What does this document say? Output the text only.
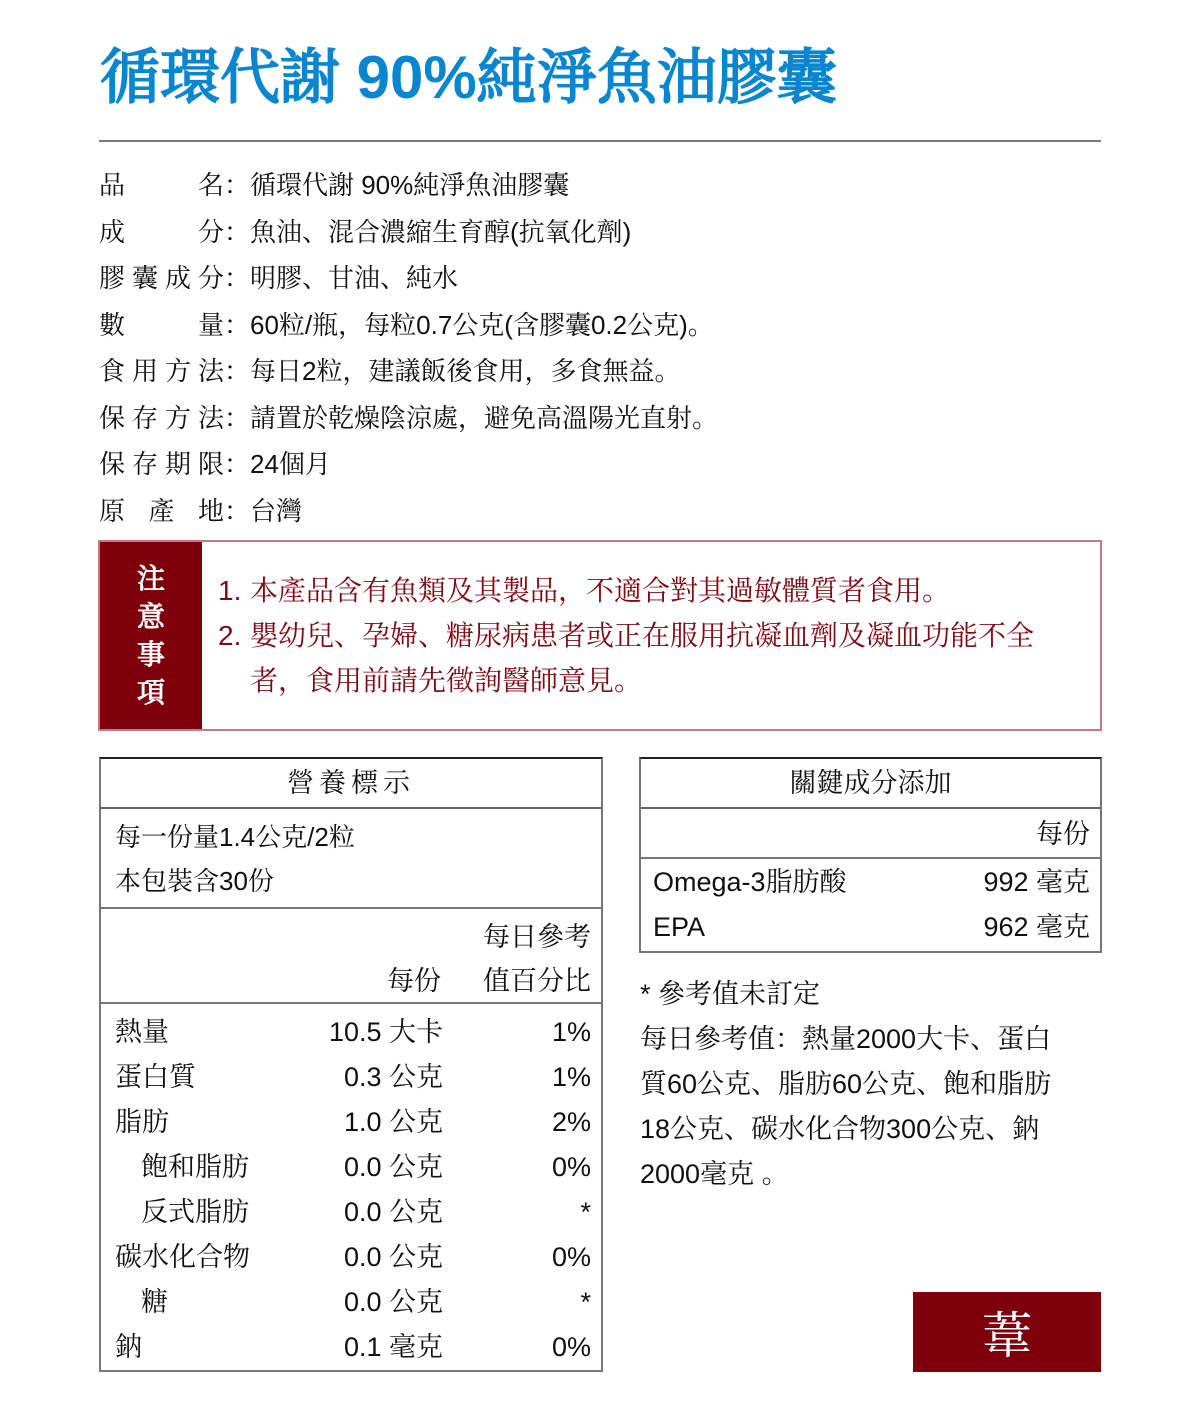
循環代謝 90%純淨魚油膠囊
品	名 ： 循環代謝 90%純淨魚油膠囊
成	分 ： 魚油、混合濃縮生育醇(抗氧化劑)
膠 囊 成 分 ： 明膠、甘油、純水
數	量 ： 60粒/瓶，每粒0.7公克(含膠囊0.2公克)。
食 用 方 法 ： 每日2粒，建議飯後食用，多食無益。
保 存 方 法 ： 請置於乾燥陰涼處，避免高溫陽光直射。
保 存 期 限 ： 24個月
原 產 地 ： 台灣
注
意
事
項
1. 本產品含有魚類及其製品，不適合對其過敏體質者食用。
2. 嬰幼兒、孕婦、糖尿病患者或正在服用抗凝血劑及凝血功能不全
者，食用前請先徵詢醫師意見。
營養標示
每一份量1.4公克/2粒
本包裝含30份
每日參考
每份 值百分比
熱量	10.5 大卡	1%
蛋白質	0.3 公克	1%
脂肪	1.0 公克	2%
飽和脂肪	0.0 公克	0%
反式脂肪	0.0 公克	*
碳水化合物	0.0 公克	0%
糖	0.0 公克	*
鈉	0.1 毫克	0%
關鍵成分添加
每份
Omega-3脂肪酸	992 毫克
EPA	962 毫克

* 參考值未訂定

每日參考值：熱量2000大卡、蛋白

質60公克、脂肪60公克、飽和脂肪

18公克、碳水化合物300公克、鈉

2000毫克 。

葦
